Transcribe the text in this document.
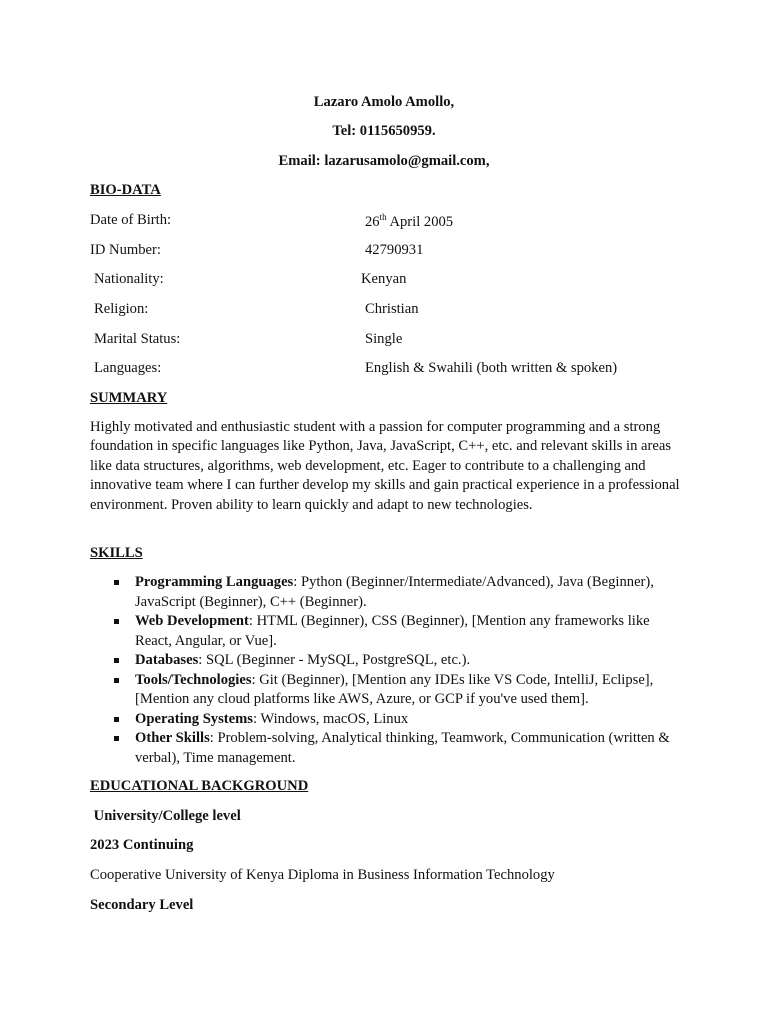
Lazaro Amolo Amollo,
Tel: 0115650959.
Email: lazarusamolo@gmail.com,
BIO-DATA
Date of Birth:	26th April 2005
ID Number:	42790931
Nationality:	Kenyan
Religion:	Christian
Marital Status:	Single
Languages:	English & Swahili (both written & spoken)
SUMMARY
Highly motivated and enthusiastic student with a passion for computer programming and a strong foundation in specific languages like Python, Java, JavaScript, C++, etc. and relevant skills in areas like data structures, algorithms, web development, etc. Eager to contribute to a challenging and innovative team where I can further develop my skills and gain practical experience in a professional environment. Proven ability to learn quickly and adapt to new technologies.
SKILLS
Programming Languages: Python (Beginner/Intermediate/Advanced), Java (Beginner), JavaScript (Beginner), C++ (Beginner).
Web Development: HTML (Beginner), CSS (Beginner), [Mention any frameworks like React, Angular, or Vue].
Databases: SQL (Beginner - MySQL, PostgreSQL, etc.).
Tools/Technologies: Git (Beginner), [Mention any IDEs like VS Code, IntelliJ, Eclipse], [Mention any cloud platforms like AWS, Azure, or GCP if you've used them].
Operating Systems: Windows, macOS, Linux
Other Skills: Problem-solving, Analytical thinking, Teamwork, Communication (written & verbal), Time management.
EDUCATIONAL BACKGROUND
University/College level
2023 Continuing
Cooperative University of Kenya Diploma in Business Information Technology
Secondary Level
